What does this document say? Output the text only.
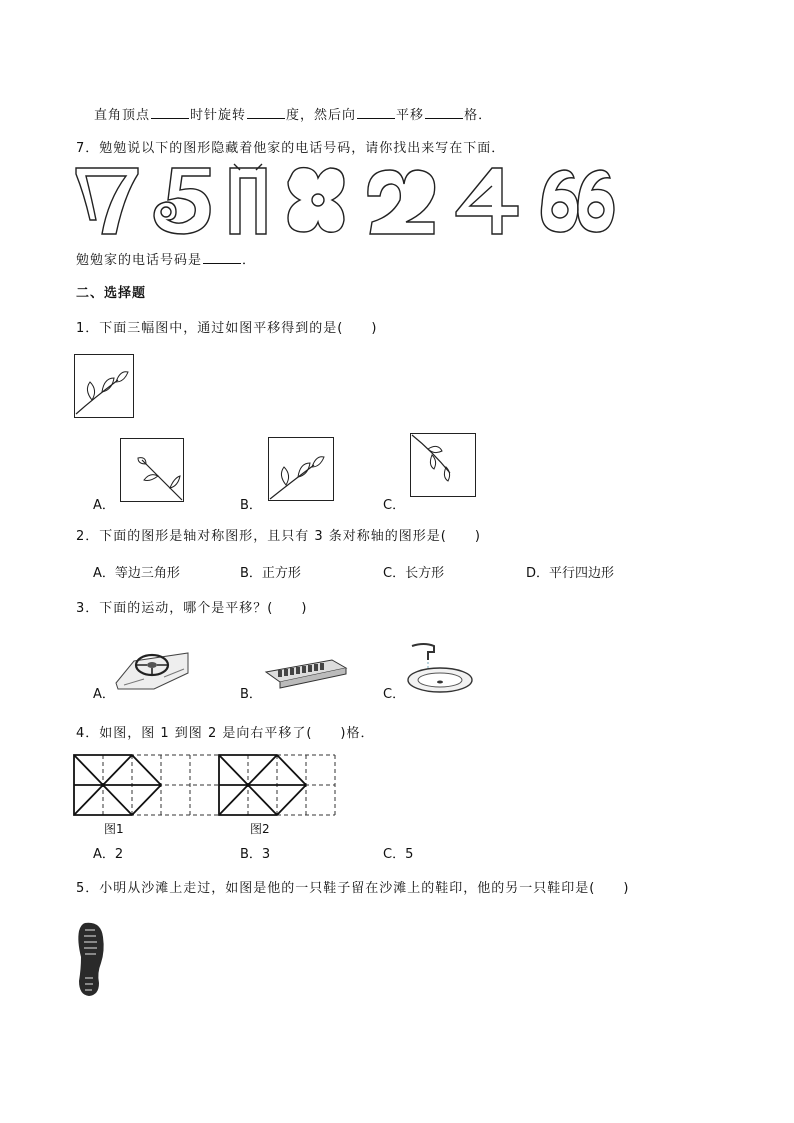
直角顶点	时针旋转	度，然后向	平移	格．
7．勉勉说以下的图形隐藏着他家的电话号码，请你找出来写在下面．
勉勉家的电话号码是	．
二、选择题
1．下面三幅图中，通过如图平移得到的是(　　)
A．	B．	C．
2．下面的图形是轴对称图形，且只有 3 条对称轴的图形是(　　)
A．等边三角形	B．正方形	C．长方形	D．平行四边形
3．下面的运动，哪个是平移？(　　)
A．	B．	C．
4．如图，图 1 到图 2 是向右平移了(　　)格．
图1	图2
A．2	B．3	C．5
5．小明从沙滩上走过，如图是他的一只鞋子留在沙滩上的鞋印，他的另一只鞋印是(　　)
